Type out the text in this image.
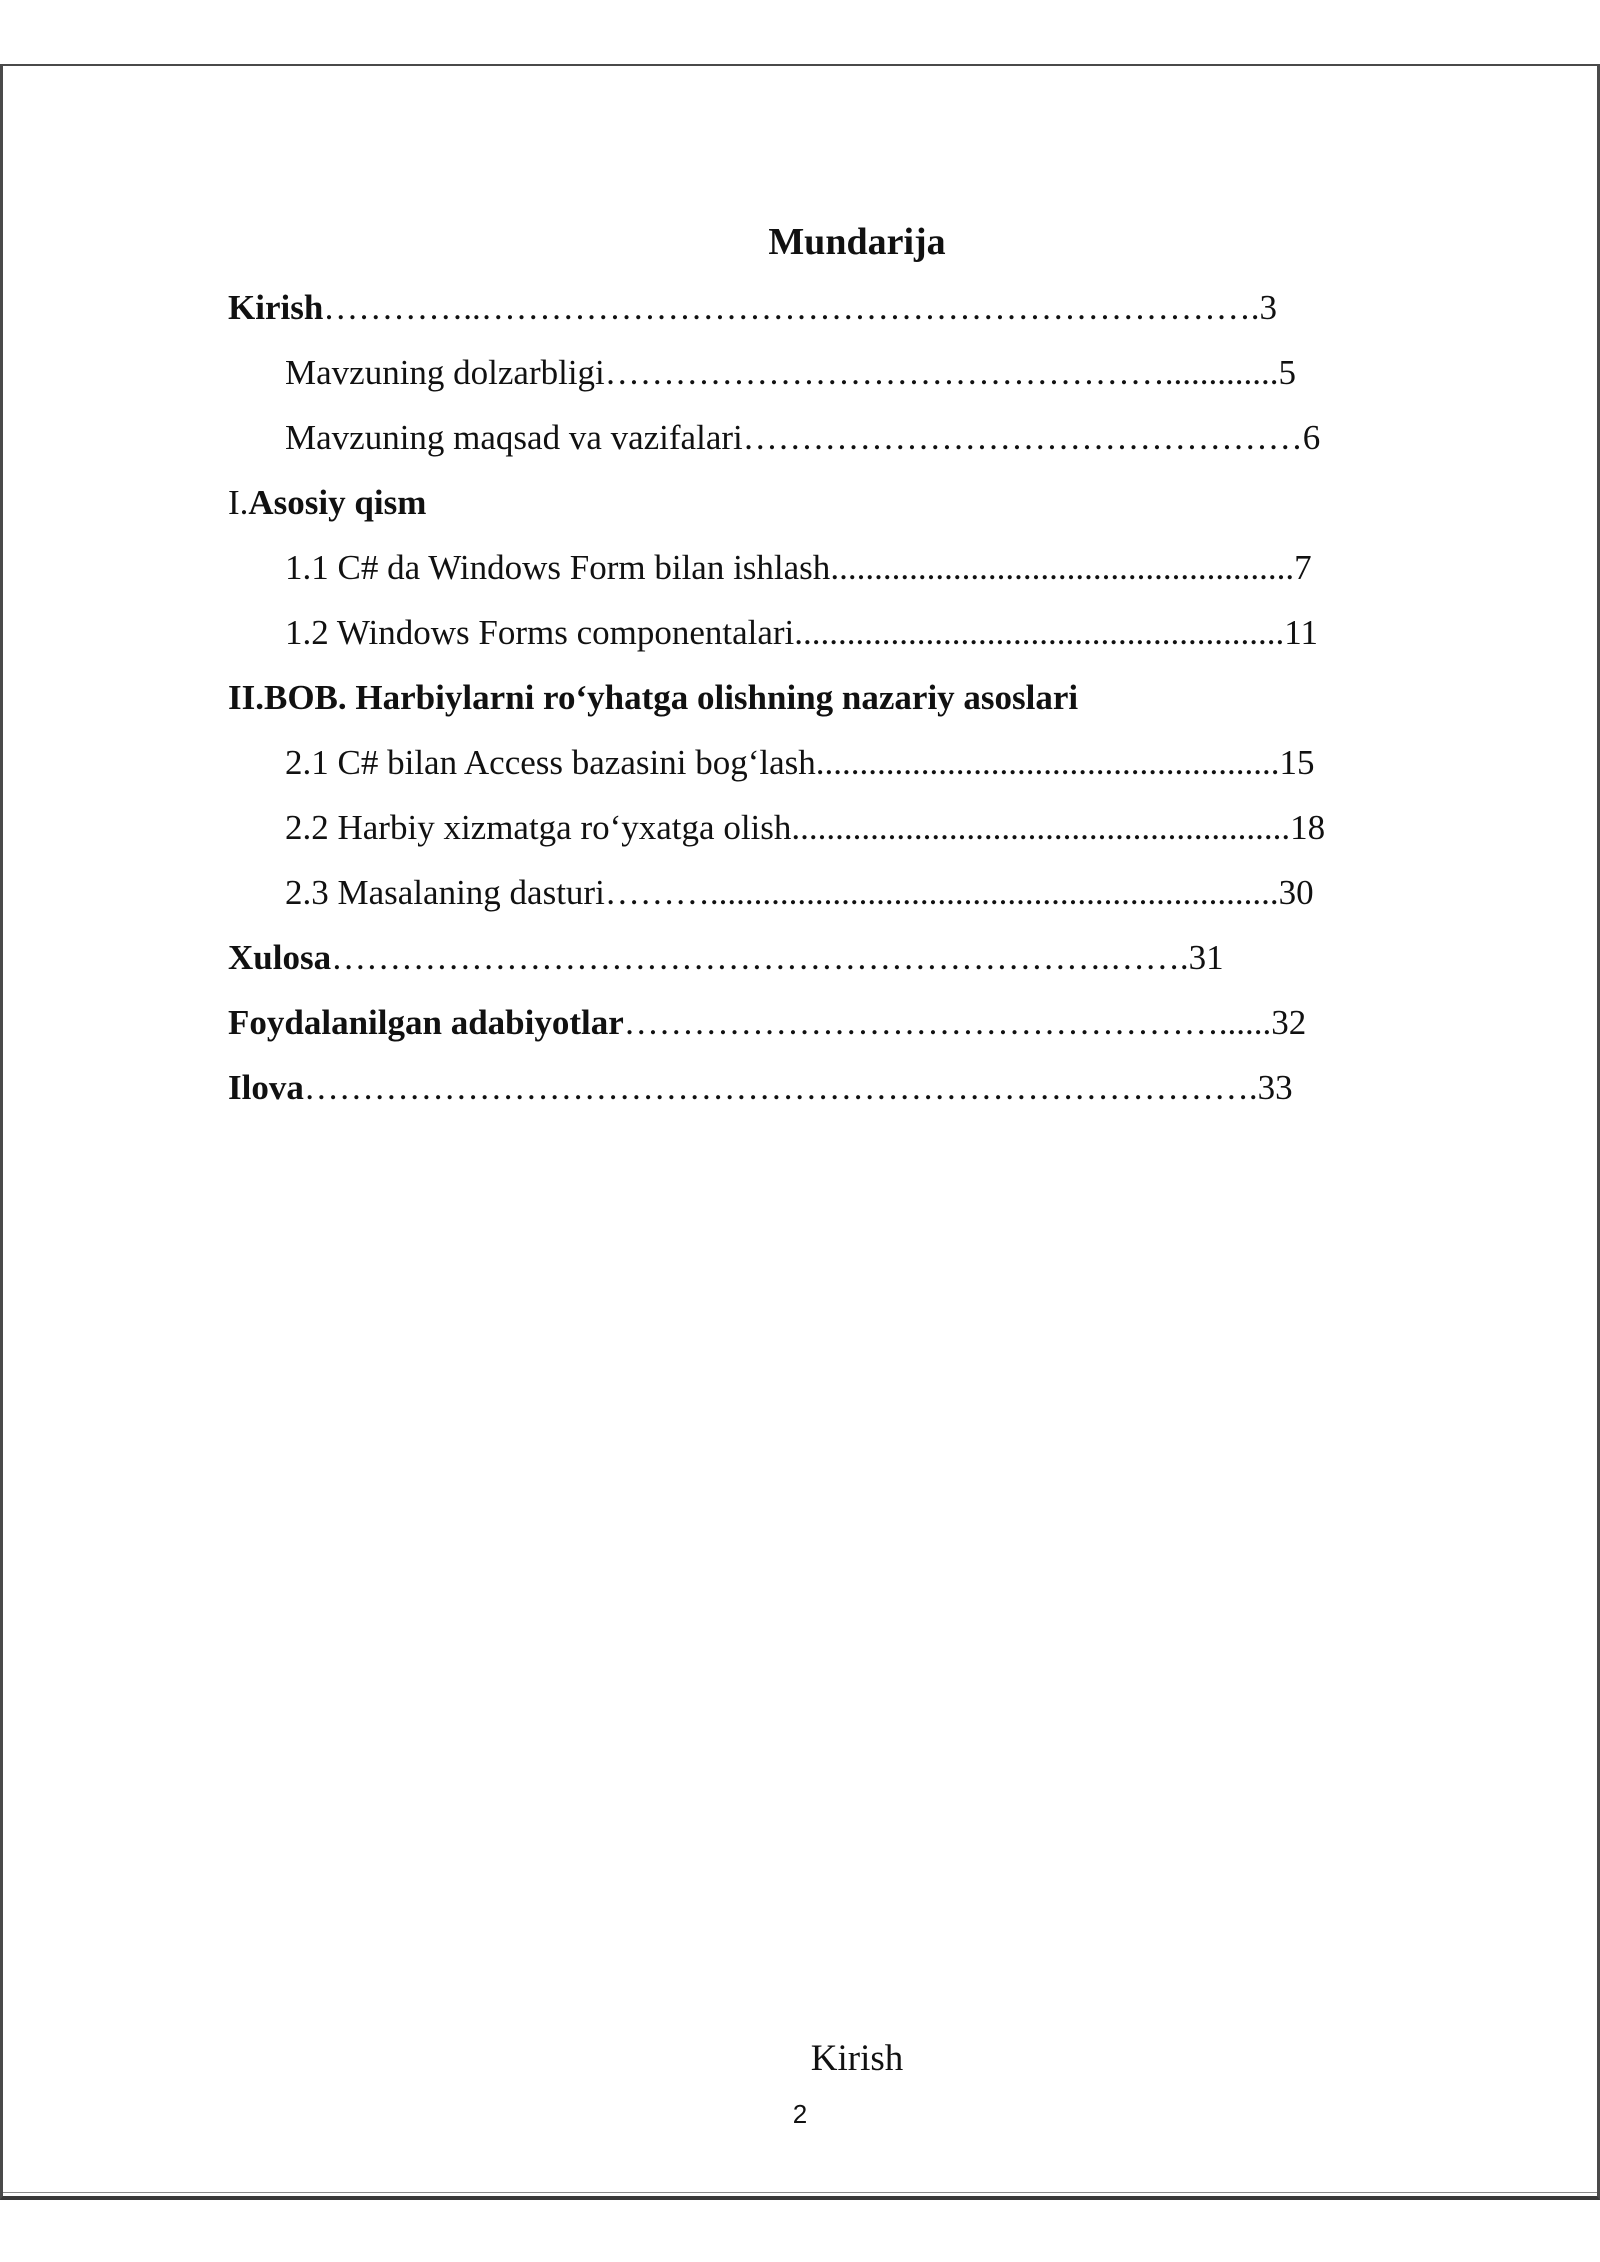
Mundarija
Kirish…………..………………………………………………………….3
Mavzuning dolzarbligi………………………………………….............5
Mavzuning maqsad va vazifalari…………………………………………6
I.Asosiy qism
1.1 C# da Windows Form bilan ishlash.....................................................7
1.2 Windows Forms componentalari........................................................11
II.BOB. Harbiylarni ro‘yhatga olishning nazariy asoslari
2.1 C# bilan Access bazasini bog‘lash.....................................................15
2.2 Harbiy xizmatga ro‘yxatga olish.........................................................18
2.3 Masalaning dasturi……….................................................................30
Xulosa………………………………………………………….…….31
Foydalanilgan adabiyotlar……………………………………………......32
Ilova……………………………………………………………………….33
Kirish
2
